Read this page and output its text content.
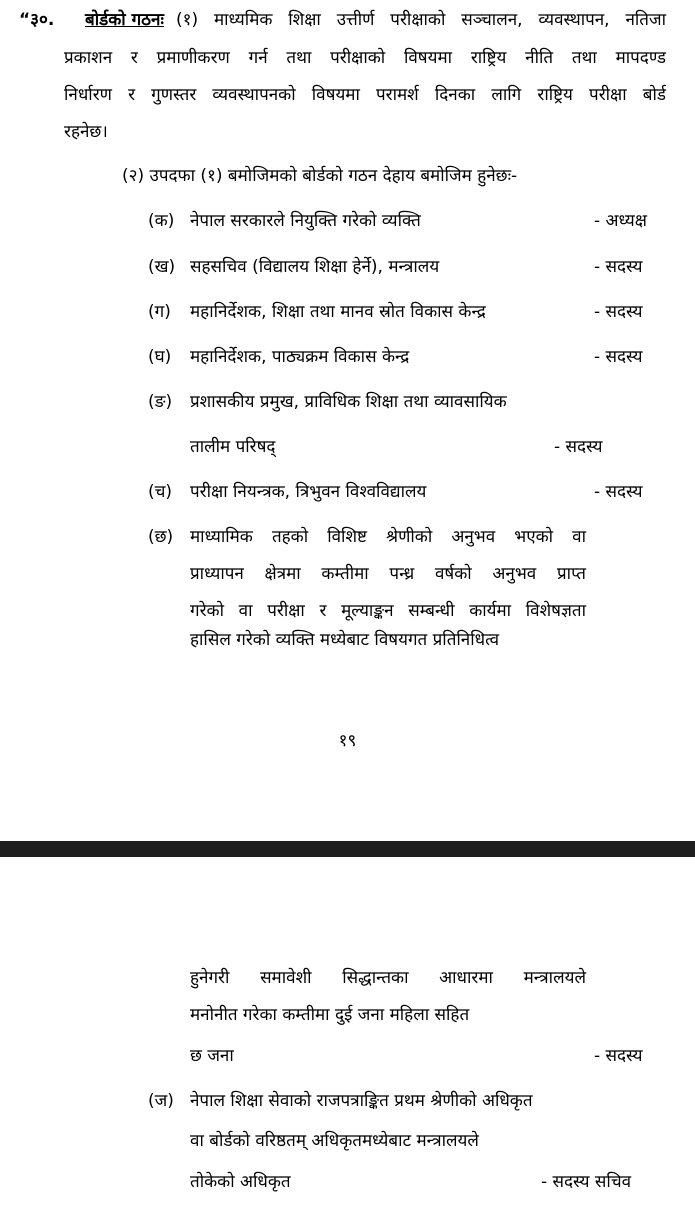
“३०. बोर्डको गठनः (१) माध्यमिक शिक्षा उत्तीर्ण परीक्षाको सञ्चालन, व्यवस्थापन, नतिजा
प्रकाशन र प्रमाणीकरण गर्न तथा परीक्षाको विषयमा राष्ट्रिय नीति तथा मापदण्ड
निर्धारण र गुणस्तर व्यवस्थापनको विषयमा परामर्श दिनका लागि राष्ट्रिय परीक्षा बोर्ड
रहनेछ।
(२) उपदफा (१) बमोजिमको बोर्डको गठन देहाय बमोजिम हुनेछः-
(क) नेपाल सरकारले नियुक्ति गरेको व्यक्ति	- अध्यक्ष
(ख) सहसचिव (विद्यालय शिक्षा हेर्ने), मन्त्रालय	- सदस्य
(ग) महानिर्देशक, शिक्षा तथा मानव स्रोत विकास केन्द्र	- सदस्य
(घ) महानिर्देशक, पाठ्यक्रम विकास केन्द्र	- सदस्य
(ङ) प्रशासकीय प्रमुख, प्राविधिक शिक्षा तथा व्यावसायिक
तालीम परिषद्	- सदस्य
(च) परीक्षा नियन्त्रक, त्रिभुवन विश्वविद्यालय	- सदस्य
(छ) माध्यामिक तहको विशिष्ट श्रेणीको अनुभव भएको वा
प्राध्यापन क्षेत्रमा कम्तीमा पन्ध्र वर्षको अनुभव प्राप्त
गरेको वा परीक्षा र मूल्याङ्कन सम्बन्धी कार्यमा विशेषज्ञता
हासिल गरेको व्यक्ति मध्येबाट विषयगत प्रतिनिधित्व
१९
हुनेगरी समावेशी सिद्धान्तका आधारमा मन्त्रालयले
मनोनीत गरेका कम्तीमा दुई जना महिला सहित
छ जना	- सदस्य
(ज) नेपाल शिक्षा सेवाको राजपत्राङ्कित प्रथम श्रेणीको अधिकृत
वा बोर्डको वरिष्ठतम् अधिकृतमध्येबाट मन्त्रालयले
तोकेको अधिकृत	- सदस्य सचिव
